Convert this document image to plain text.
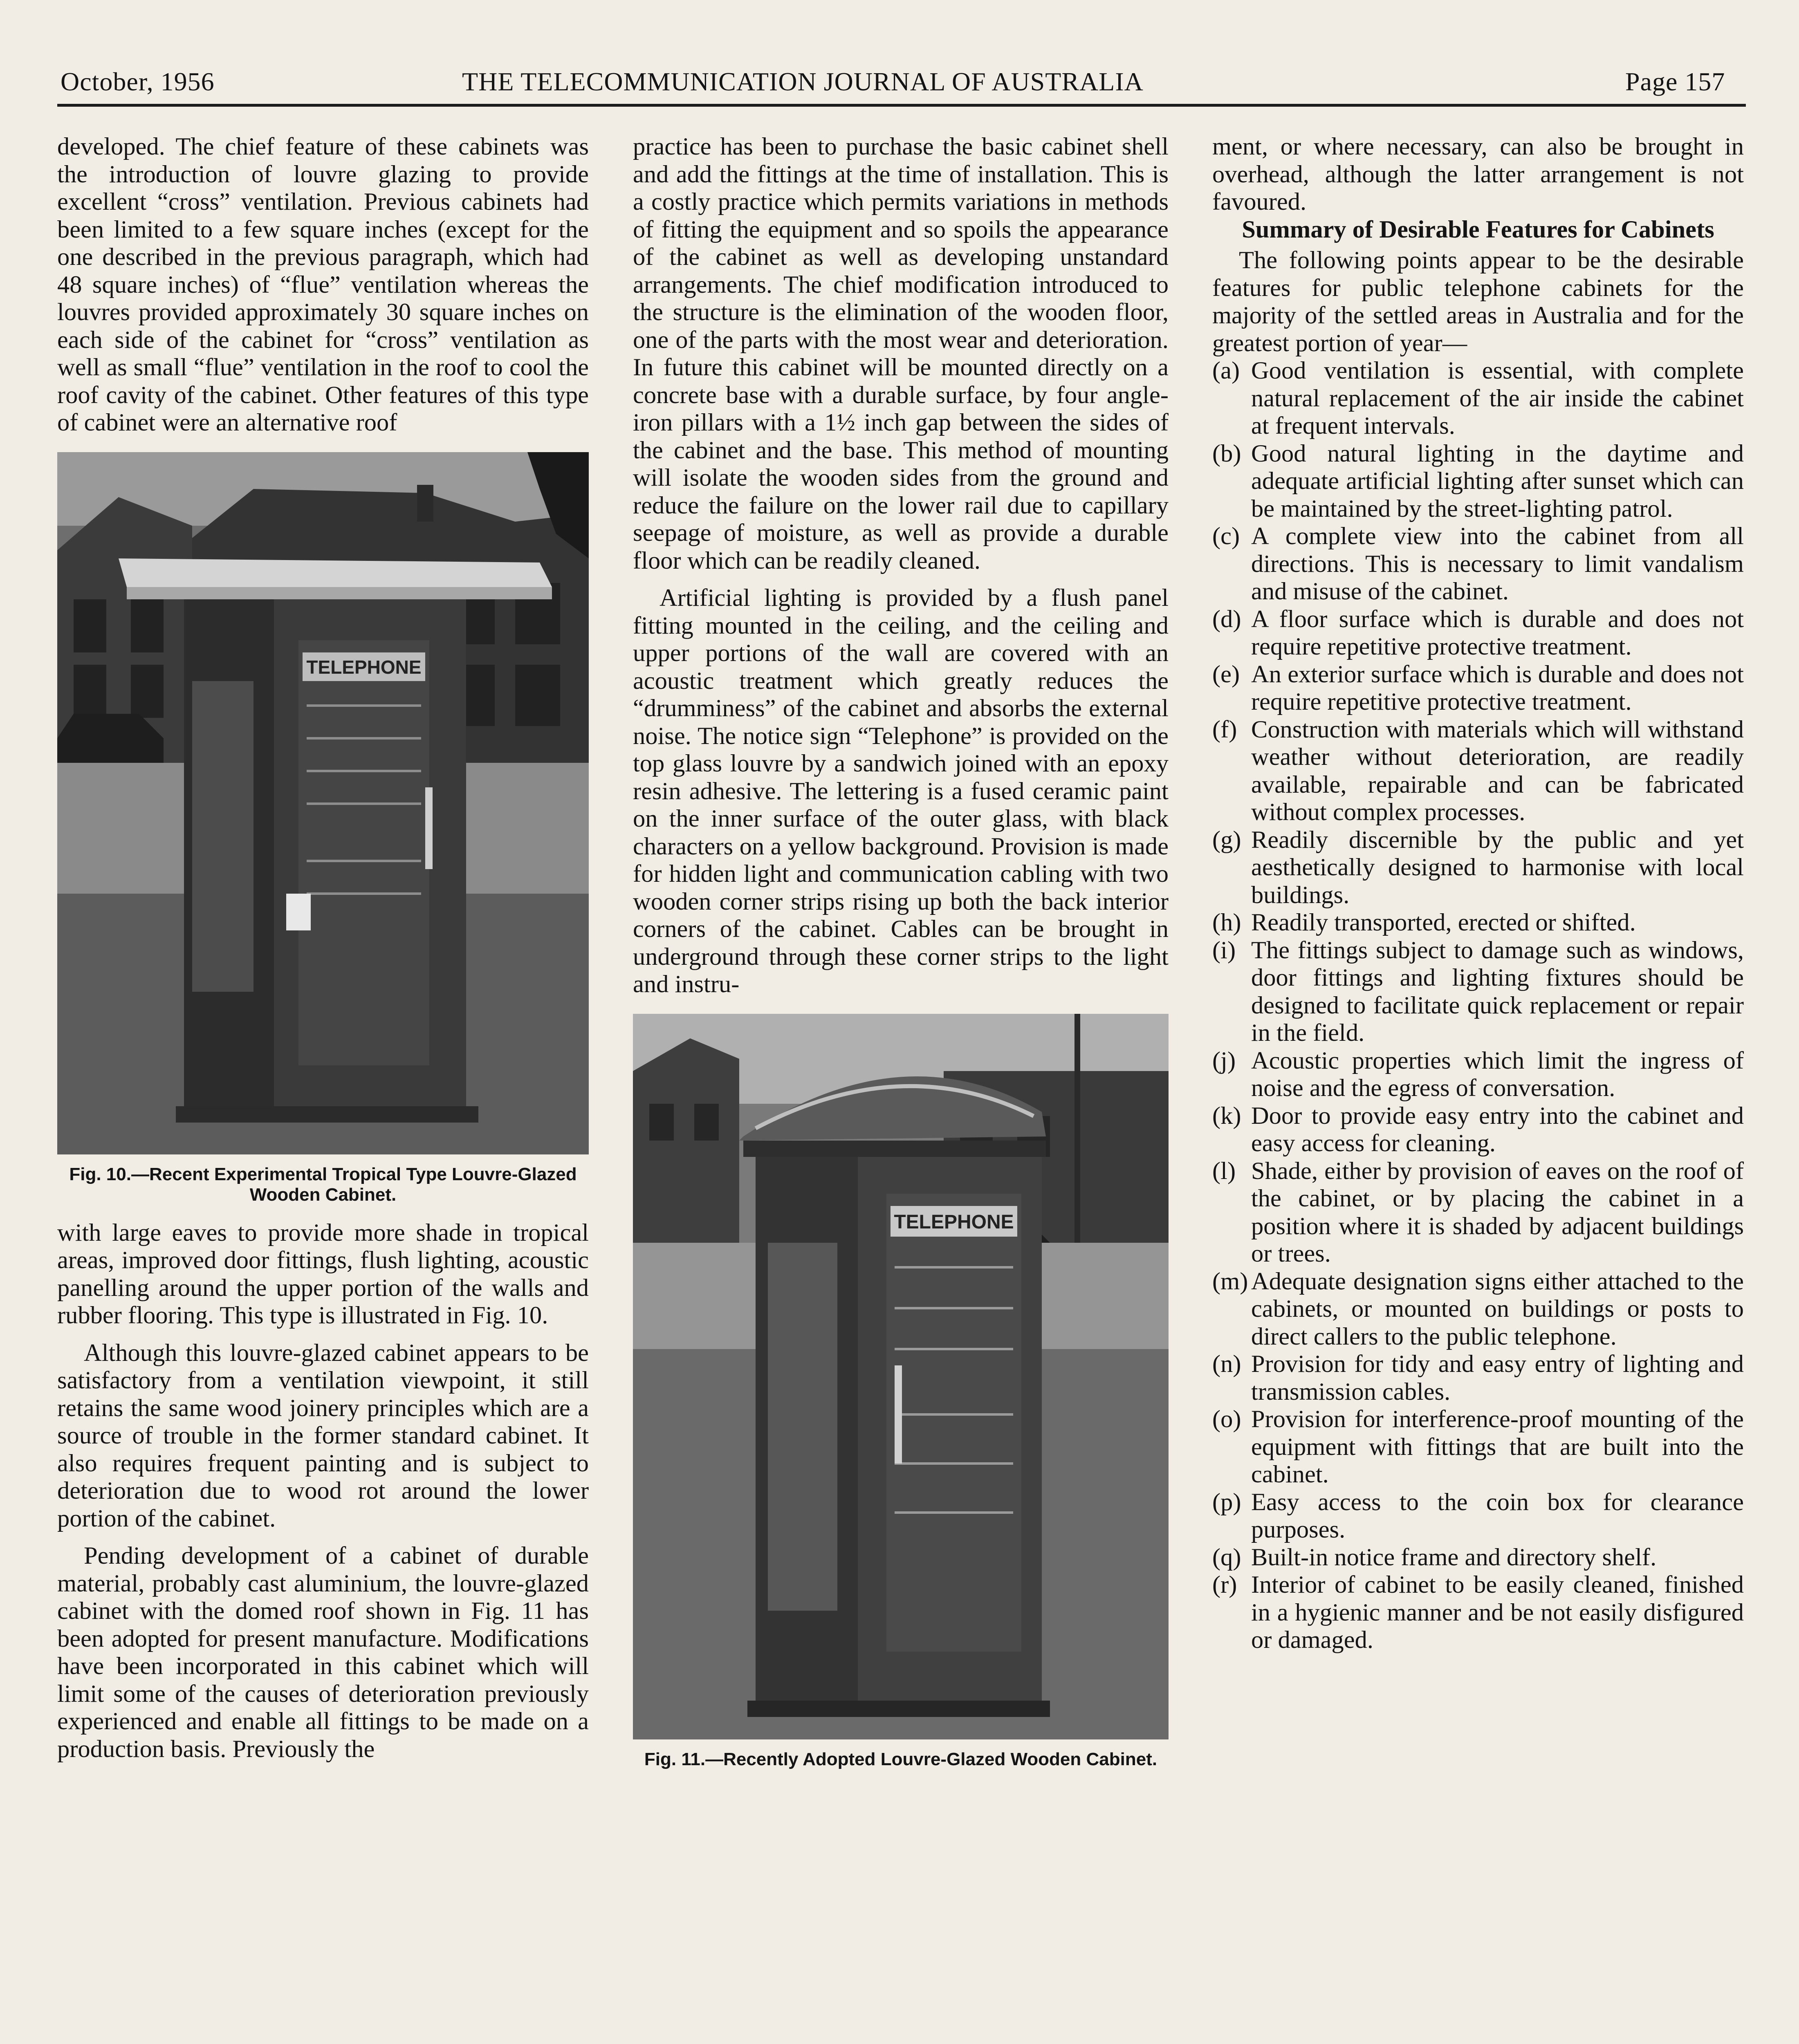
October, 1956	THE TELECOMMUNICATION JOURNAL OF AUSTRALIA	Page 157

developed. The chief feature of these cabinets was the introduction of louvre glazing to provide excellent “cross” ventilation. Previous cabinets had been limited to a few square inches (except for the one described in the previous paragraph, which had 48 square inches) of “flue” ventilation whereas the louvres provided approximately 30 square inches on each side of the cabinet for “cross” ventilation as well as small “flue” ventilation in the roof to cool the roof cavity of the cabinet. Other features of this type of cabinet were an alternative roof

TELEPHONE
Fig. 10.—Recent Experimental Tropical Type Louvre-Glazed Wooden Cabinet.

with large eaves to provide more shade in tropical areas, improved door fittings, flush lighting, acoustic panelling around the upper portion of the walls and rubber flooring. This type is illustrated in Fig. 10.

Although this louvre-glazed cabinet appears to be satisfactory from a ventilation viewpoint, it still retains the same wood joinery principles which are a source of trouble in the former standard cabinet. It also requires frequent painting and is subject to deterioration due to wood rot around the lower portion of the cabinet.

Pending development of a cabinet of durable material, probably cast aluminium, the louvre-glazed cabinet with the domed roof shown in Fig. 11 has been adopted for present manufacture. Modifications have been incorporated in this cabinet which will limit some of the causes of deterioration previously experienced and enable all fittings to be made on a production basis. Previously the

practice has been to purchase the basic cabinet shell and add the fittings at the time of installation. This is a costly practice which permits variations in methods of fitting the equipment and so spoils the appearance of the cabinet as well as developing unstandard arrangements. The chief modification introduced to the structure is the elimination of the wooden floor, one of the parts with the most wear and deterioration. In future this cabinet will be mounted directly on a concrete base with a durable surface, by four angle-iron pillars with a 1½ inch gap between the sides of the cabinet and the base. This method of mounting will isolate the wooden sides from the ground and reduce the failure on the lower rail due to capillary seepage of moisture, as well as provide a durable floor which can be readily cleaned.

Artificial lighting is provided by a flush panel fitting mounted in the ceiling, and the ceiling and upper portions of the wall are covered with an acoustic treatment which greatly reduces the “drumminess” of the cabinet and absorbs the external noise. The notice sign “Telephone” is provided on the top glass louvre by a sandwich joined with an epoxy resin adhesive. The lettering is a fused ceramic paint on the inner surface of the outer glass, with black characters on a yellow background. Provision is made for hidden light and communication cabling with two wooden corner strips rising up both the back interior corners of the cabinet. Cables can be brought in underground through these corner strips to the light and instru-

TELEPHONE
Fig. 11.—Recently Adopted Louvre-Glazed Wooden Cabinet.

ment, or where necessary, can also be brought in overhead, although the latter arrangement is not favoured.

Summary of Desirable Features for Cabinets

The following points appear to be the desirable features for public telephone cabinets for the majority of the settled areas in Australia and for the greatest portion of year—

(a) Good ventilation is essential, with complete natural replacement of the air inside the cabinet at frequent intervals.
(b) Good natural lighting in the daytime and adequate artificial lighting after sunset which can be maintained by the street-lighting patrol.
(c) A complete view into the cabinet from all directions. This is necessary to limit vandalism and misuse of the cabinet.
(d) A floor surface which is durable and does not require repetitive protective treatment.
(e) An exterior surface which is durable and does not require repetitive protective treatment.
(f) Construction with materials which will withstand weather without deterioration, are readily available, repairable and can be fabricated without complex processes.
(g) Readily discernible by the public and yet aesthetically designed to harmonise with local buildings.
(h) Readily transported, erected or shifted.
(i) The fittings subject to damage such as windows, door fittings and lighting fixtures should be designed to facilitate quick replacement or repair in the field.
(j) Acoustic properties which limit the ingress of noise and the egress of conversation.
(k) Door to provide easy entry into the cabinet and easy access for cleaning.
(l) Shade, either by provision of eaves on the roof of the cabinet, or by placing the cabinet in a position where it is shaded by adjacent buildings or trees.
(m) Adequate designation signs either attached to the cabinets, or mounted on buildings or posts to direct callers to the public telephone.
(n) Provision for tidy and easy entry of lighting and transmission cables.
(o) Provision for interference-proof mounting of the equipment with fittings that are built into the cabinet.
(p) Easy access to the coin box for clearance purposes.
(q) Built-in notice frame and directory shelf.
(r) Interior of cabinet to be easily cleaned, finished in a hygienic manner and be not easily disfigured or damaged.
